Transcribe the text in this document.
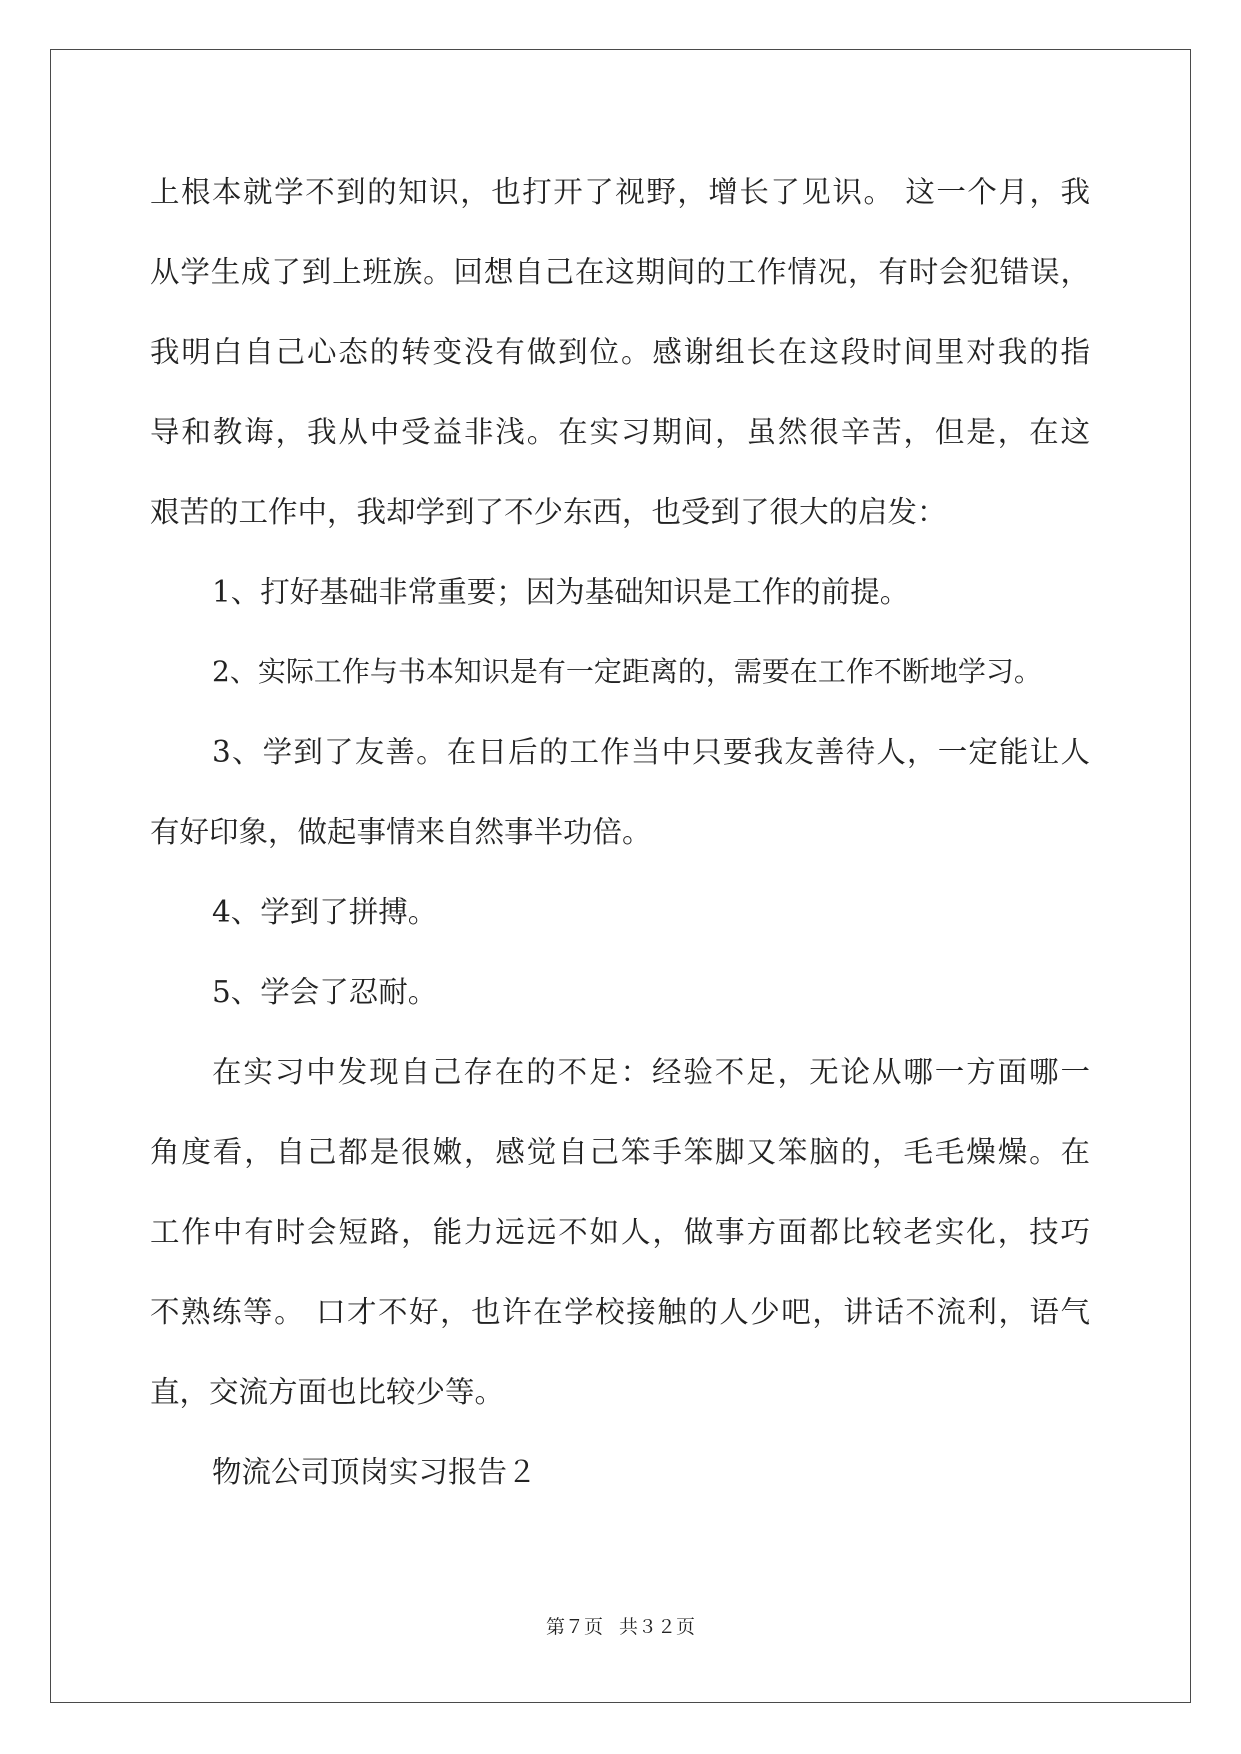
上根本就学不到的知识，也打开了视野，增长了见识。 这一个月，我
从学生成了到上班族。回想自己在这期间的工作情况，有时会犯错误，
我明白自己心态的转变没有做到位。感谢组长在这段时间里对我的指
导和教诲，我从中受益非浅。在实习期间，虽然很辛苦，但是，在这
艰苦的工作中，我却学到了不少东西，也受到了很大的启发：
1、打好基础非常重要；因为基础知识是工作的前提。
2、实际工作与书本知识是有一定距离的，需要在工作不断地学习。
3、学到了友善。在日后的工作当中只要我友善待人，一定能让人
有好印象，做起事情来自然事半功倍。
4、学到了拼搏。
5、学会了忍耐。
在实习中发现自己存在的不足：经验不足，无论从哪一方面哪一
角度看，自己都是很嫩，感觉自己笨手笨脚又笨脑的，毛毛燥燥。在
工作中有时会短路，能力远远不如人，做事方面都比较老实化，技巧
不熟练等。 口才不好，也许在学校接触的人少吧，讲话不流利，语气
直，交流方面也比较少等。
物流公司顶岗实习报告２
第７页 共３２页
